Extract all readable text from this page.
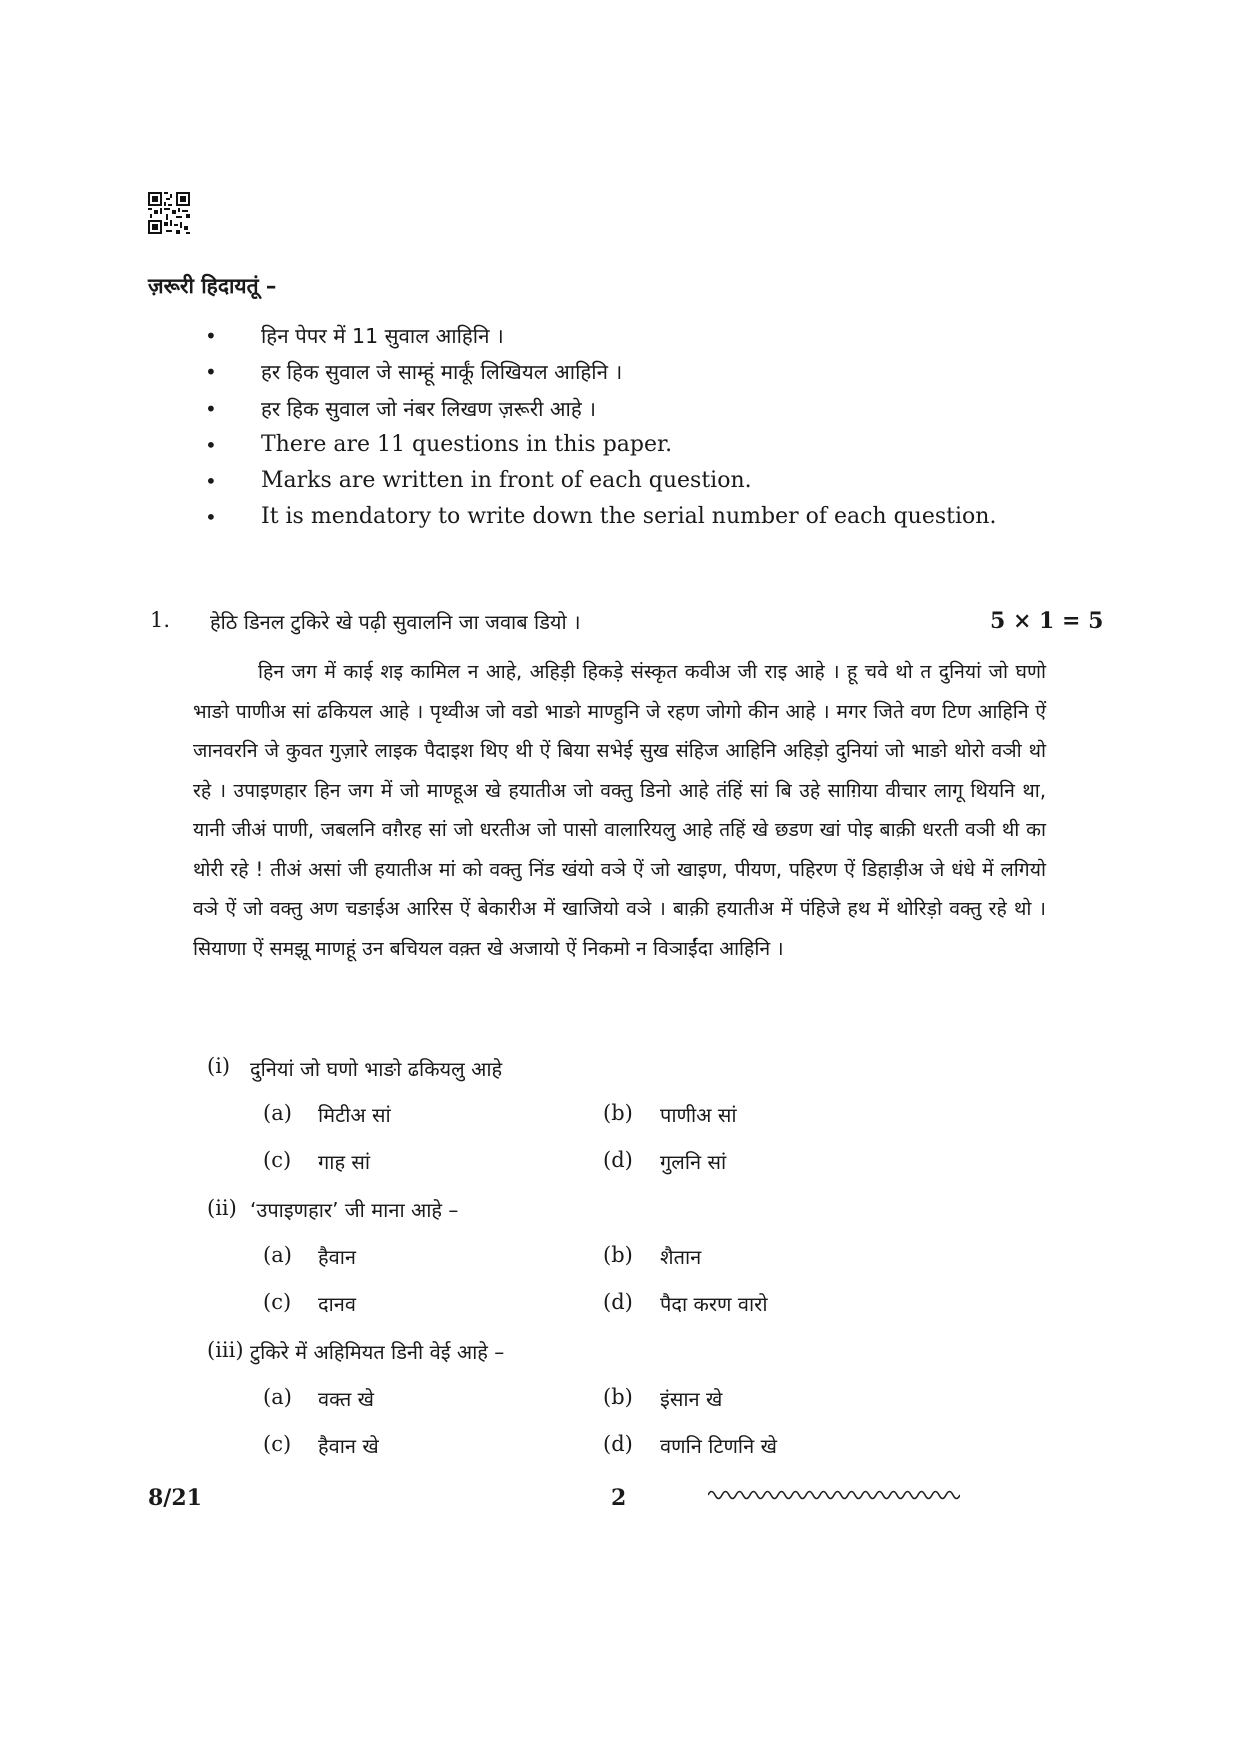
ज़रूरी हिदायतूं –
• हिन पेपर में 11 सुवाल आहिनि ।
• हर हिक सुवाल जे साम्हूं मार्कूं लिखियल आहिनि ।
• हर हिक सुवाल जो नंबर लिखण ज़रूरी आहे ।
• There are 11 questions in this paper.
• Marks are written in front of each question.
• It is mendatory to write down the serial number of each question.
1. हेठि डि‍नल टुकिरे खे पढ़ी सुवालनि जा जवाब डियो ।	5 × 1 = 5
हिन जग में काई शइ कामिल न आहे, अहिड़ी हिकड़े संस्कृत कवीअ जी राइ आहे । हू चवे थो त दुनियां जो घणो भाङो पाणीअ सां ढकियल आहे । पृथ्वीअ जो वडो भाङो माण्हुनि जे रहण जोगो कीन आहे । मगर जिते वण टिण आहिनि ऐं जानवरनि जे कुवत गुज़ारे लाइक पैदाइश थिए थी ऐं बिया सभेई सुख संहिज आहिनि अहिड़ो दुनियां जो भाङो थोरो वञी थो रहे । उपाइणहार हिन जग में जो माण्हूअ खे हयातीअ जो वक्तु डिनो आहे तंहिं सां बि उहे साग़िया वीचार लागू थियनि था, यानी जीअं पाणी, जबलनि वग़ैरह सां जो धरतीअ जो पासो वालारियलु आहे तहिं खे छडण खां पोइ बाक़ी धरती वञी थी का थोरी रहे ! तीअं असां जी हयातीअ मां को वक्तु निंड खंयो वञे ऐं जो खाइण, पीयण, पहिरण ऐं डिहाड़ीअ जे धंधे में लगियो वञे ऐं जो वक्तु अण चङाईअ आरिस ऐं बेकारीअ में खाजियो वञे । बाक़ी हयातीअ में पंहिजे हथ में थोरिड़ो वक्तु रहे थो । सियाणा ऐं समझू माणहूं उन बचियल वक़्त खे अजायो ऐं निकमो न विञाईंदा आहिनि ।
(i) दुनियां जो घणो भाङो ढकियलु आहे
(a) मिटीअ सां	(b) पाणीअ सां
(c) गाह सां	(d) गुलनि सां
(ii) ‘उपाइणहार’ जी माना आहे –
(a) हैवान	(b) शैतान
(c) दानव	(d) पैदा करण वारो
(iii) टुकिरे में अहिमियत डिनी वेई आहे –
(a) वक्त खे	(b) इंसान खे
(c) हैवान खे	(d) वणनि टिणनि खे
8/21	2
